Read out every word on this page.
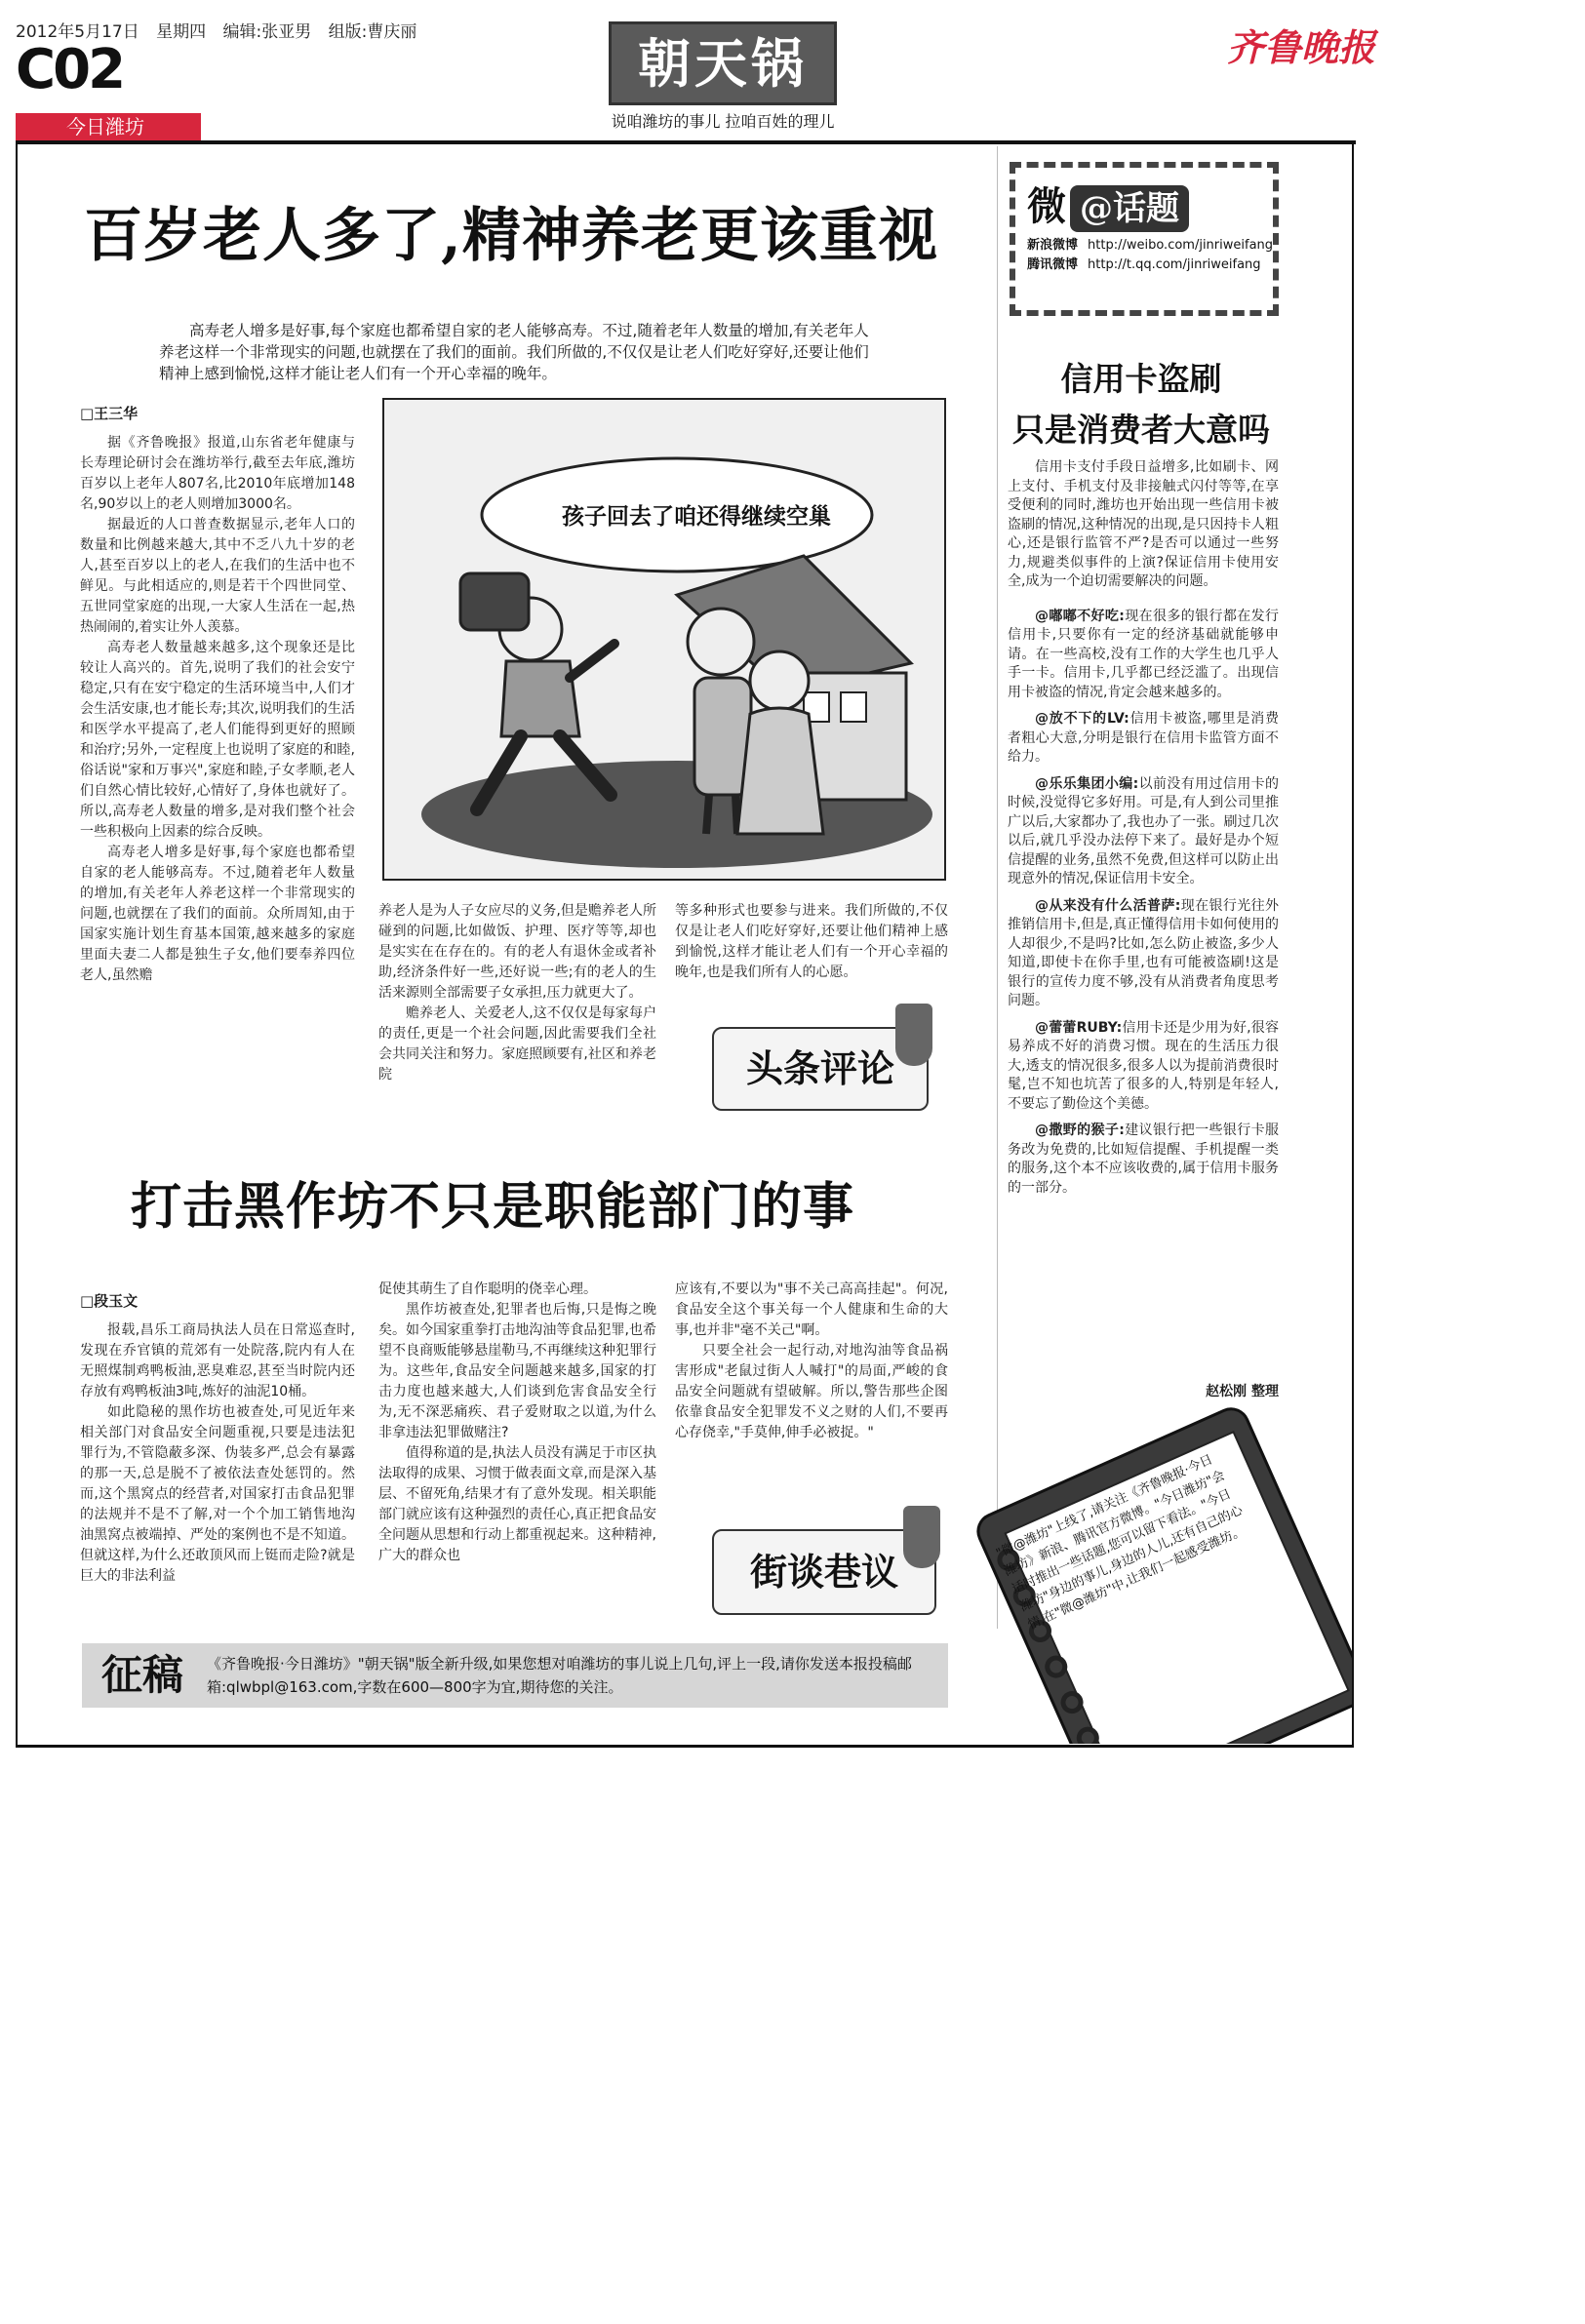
2012年5月17日 星期四 编辑:张亚男 组版:曹庆丽
C02
今日潍坊
朝天锅
说咱潍坊的事儿 拉咱百姓的理儿
齐鲁晚报
百岁老人多了,精神养老更该重视
高寿老人增多是好事,每个家庭也都希望自家的老人能够高寿。不过,随着老年人数量的增加,有关老年人养老这样一个非常现实的问题,也就摆在了我们的面前。我们所做的,不仅仅是让老人们吃好穿好,还要让他们精神上感到愉悦,这样才能让老人们有一个开心幸福的晚年。
□王三华

据《齐鲁晚报》报道,山东省老年健康与长寿理论研讨会在潍坊举行,截至去年底,潍坊百岁以上老年人807名,比2010年底增加148名,90岁以上的老人则增加3000名。

据最近的人口普查数据显示,老年人口的数量和比例越来越大,其中不乏八九十岁的老人,甚至百岁以上的老人,在我们的生活中也不鲜见。与此相适应的,则是若干个四世同堂、五世同堂家庭的出现,一大家人生活在一起,热热闹闹的,着实让外人羡慕。

高寿老人数量越来越多,这个现象还是比较让人高兴的。首先,说明了我们的社会安宁稳定,只有在安宁稳定的生活环境当中,人们才会生活安康,也才能长寿;其次,说明我们的生活和医学水平提高了,老人们能得到更好的照顾和治疗;另外,一定程度上也说明了家庭的和睦,俗话说"家和万事兴",家庭和睦,子女孝顺,老人们自然心情比较好,心情好了,身体也就好了。所以,高寿老人数量的增多,是对我们整个社会一些积极向上因素的综合反映。

高寿老人增多是好事,每个家庭也都希望自家的老人能够高寿。不过,随着老年人数量的增加,有关老年人养老这样一个非常现实的问题,也就摆在了我们的面前。众所周知,由于国家实施计划生育基本国策,越来越多的家庭里面夫妻二人都是独生子女,他们要奉养四位老人,虽然赡

孩子回去了咱还得继续空巢

养老人是为人子女应尽的义务,但是赡养老人所碰到的问题,比如做饭、护理、医疗等等,却也是实实在在存在的。有的老人有退休金或者补助,经济条件好一些,还好说一些;有的老人的生活来源则全部需要子女承担,压力就更大了。

赡养老人、关爱老人,这不仅仅是每家每户的责任,更是一个社会问题,因此需要我们全社会共同关注和努力。家庭照顾要有,社区和养老院

等多种形式也要参与进来。我们所做的,不仅仅是让老人们吃好穿好,还要让他们精神上感到愉悦,这样才能让老人们有一个开心幸福的晚年,也是我们所有人的心愿。

头条评论
打击黑作坊不只是职能部门的事
□段玉文

报载,昌乐工商局执法人员在日常巡查时,发现在乔官镇的荒郊有一处院落,院内有人在无照煤制鸡鸭板油,恶臭难忍,甚至当时院内还存放有鸡鸭板油3吨,炼好的油泥10桶。

如此隐秘的黑作坊也被查处,可见近年来相关部门对食品安全问题重视,只要是违法犯罪行为,不管隐蔽多深、伪装多严,总会有暴露的那一天,总是脱不了被依法查处惩罚的。然而,这个黑窝点的经营者,对国家打击食品犯罪的法规并不是不了解,对一个个加工销售地沟油黑窝点被端掉、严处的案例也不是不知道。但就这样,为什么还敢顶风而上铤而走险?就是巨大的非法利益

促使其萌生了自作聪明的侥幸心理。

黑作坊被查处,犯罪者也后悔,只是悔之晚矣。如今国家重拳打击地沟油等食品犯罪,也希望不良商贩能够悬崖勒马,不再继续这种犯罪行为。这些年,食品安全问题越来越多,国家的打击力度也越来越大,人们谈到危害食品安全行为,无不深恶痛疾、君子爱财取之以道,为什么非拿违法犯罪做赌注?

值得称道的是,执法人员没有满足于市区执法取得的成果、习惯于做表面文章,而是深入基层、不留死角,结果才有了意外发现。相关职能部门就应该有这种强烈的责任心,真正把食品安全问题从思想和行动上都重视起来。这种精神,广大的群众也

应该有,不要以为"事不关己高高挂起"。何况,食品安全这个事关每一个人健康和生命的大事,也并非"毫不关己"啊。

只要全社会一起行动,对地沟油等食品祸害形成"老鼠过街人人喊打"的局面,严峻的食品安全问题就有望破解。所以,警告那些企图依靠食品安全犯罪发不义之财的人们,不要再心存侥幸,"手莫伸,伸手必被捉。"

街谈巷议
征稿 《齐鲁晚报·今日潍坊》"朝天锅"版全新升级,如果您想对咱潍坊的事儿说上几句,评上一段,请你发送本报投稿邮箱:qlwbpl@163.com,字数在600—800字为宜,期待您的关注。
微 @话题
新浪微博 http://weibo.com/jinriweifang
腾讯微博 http://t.qq.com/jinriweifang
信用卡盗刷
只是消费者大意吗

信用卡支付手段日益增多,比如刷卡、网上支付、手机支付及非接触式闪付等等,在享受便利的同时,潍坊也开始出现一些信用卡被盗刷的情况,这种情况的出现,是只因持卡人粗心,还是银行监管不严?是否可以通过一些努力,规避类似事件的上演?保证信用卡使用安全,成为一个迫切需要解决的问题。

@嘟嘟不好吃:现在很多的银行都在发行信用卡,只要你有一定的经济基础就能够申请。在一些高校,没有工作的大学生也几乎人手一卡。信用卡,几乎都已经泛滥了。出现信用卡被盗的情况,肯定会越来越多的。

@放不下的LV:信用卡被盗,哪里是消费者粗心大意,分明是银行在信用卡监管方面不给力。

@乐乐集团小编:以前没有用过信用卡的时候,没觉得它多好用。可是,有人到公司里推广以后,大家都办了,我也办了一张。刷过几次以后,就几乎没办法停下来了。最好是办个短信提醒的业务,虽然不免费,但这样可以防止出现意外的情况,保证信用卡安全。

@从来没有什么活普萨:现在银行光往外推销信用卡,但是,真正懂得信用卡如何使用的人却很少,不是吗?比如,怎么防止被盗,多少人知道,即使卡在你手里,也有可能被盗刷!这是银行的宣传力度不够,没有从消费者角度思考问题。

@蕾蕾RUBY:信用卡还是少用为好,很容易养成不好的消费习惯。现在的生活压力很大,透支的情况很多,很多人以为提前消费很时髦,岂不知也坑苦了很多的人,特别是年轻人,不要忘了勤俭这个美德。

@撒野的猴子:建议银行把一些银行卡服务改为免费的,比如短信提醒、手机提醒一类的服务,这个本不应该收费的,属于信用卡服务的一部分。

赵松刚 整理
"微@潍坊"上线了,请关注《齐鲁晚报·今日潍坊》新浪、腾讯官方微博。"今日潍坊"会适时推出一些话题,您可以留下看法。"今日潍坊"身边的事儿,身边的人儿,还有自己的心情,在"微@潍坊"中,让我们一起感受潍坊。
